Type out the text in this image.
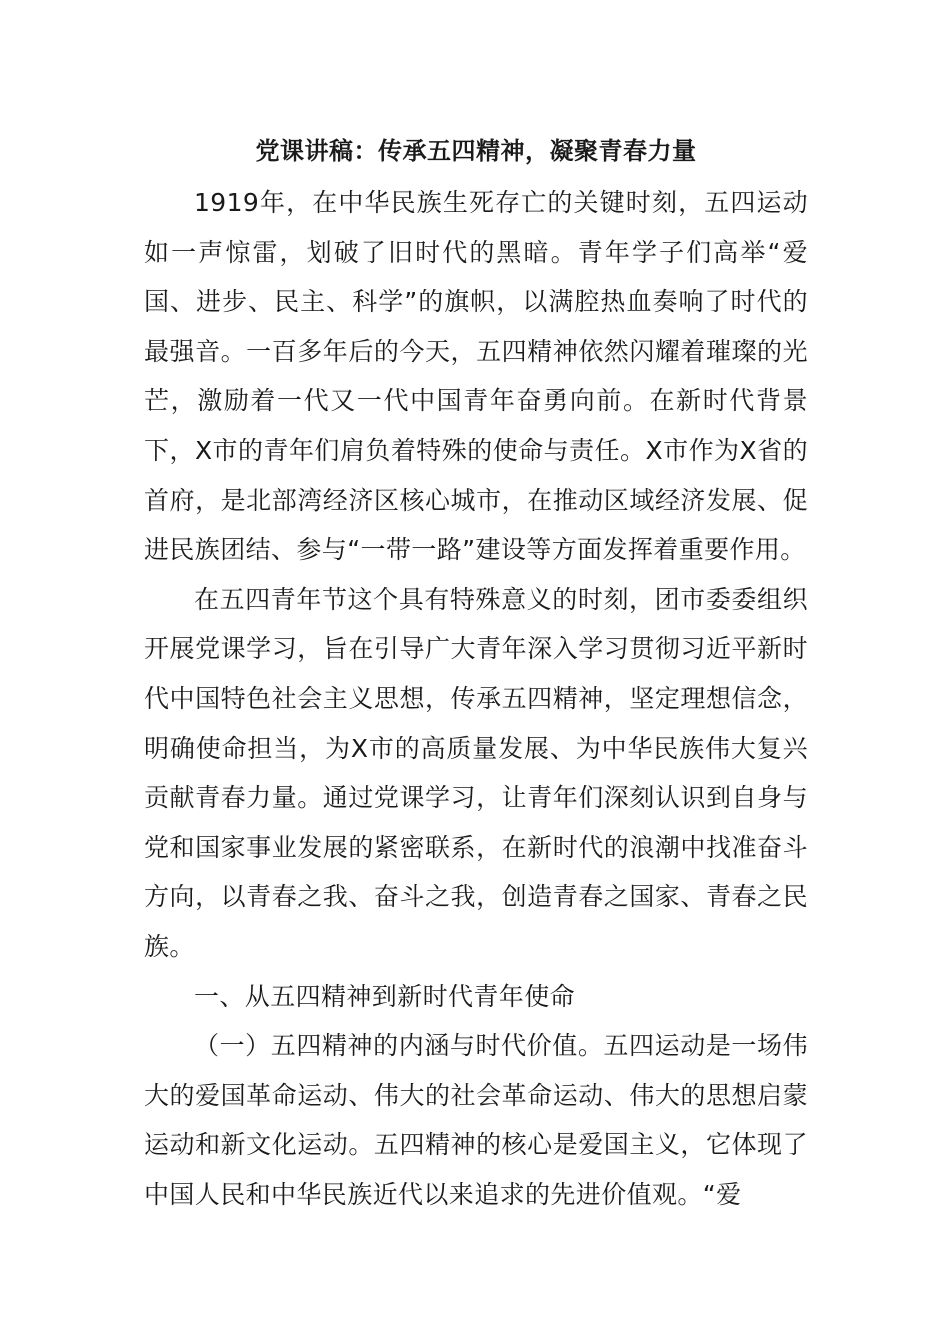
党课讲稿：传承五四精神，凝聚青春力量

1919年，在中华民族生死存亡的关键时刻，五四运动如一声惊雷，划破了旧时代的黑暗。青年学子们高举“爱国、进步、民主、科学”的旗帜，以满腔热血奏响了时代的最强音。一百多年后的今天，五四精神依然闪耀着璀璨的光芒，激励着一代又一代中国青年奋勇向前。在新时代背景下，X市的青年们肩负着特殊的使命与责任。X市作为X省的首府，是北部湾经济区核心城市，在推动区域经济发展、促进民族团结、参与“一带一路”建设等方面发挥着重要作用。

在五四青年节这个具有特殊意义的时刻，团市委委组织开展党课学习，旨在引导广大青年深入学习贯彻习近平新时代中国特色社会主义思想，传承五四精神，坚定理想信念，明确使命担当，为X市的高质量发展、为中华民族伟大复兴贡献青春力量。通过党课学习，让青年们深刻认识到自身与党和国家事业发展的紧密联系，在新时代的浪潮中找准奋斗方向，以青春之我、奋斗之我，创造青春之国家、青春之民族。

一、从五四精神到新时代青年使命

（一）五四精神的内涵与时代价值。五四运动是一场伟大的爱国革命运动、伟大的社会革命运动、伟大的思想启蒙运动和新文化运动。五四精神的核心是爱国主义，它体现了中国人民和中华民族近代以来追求的先进价值观。“爱
